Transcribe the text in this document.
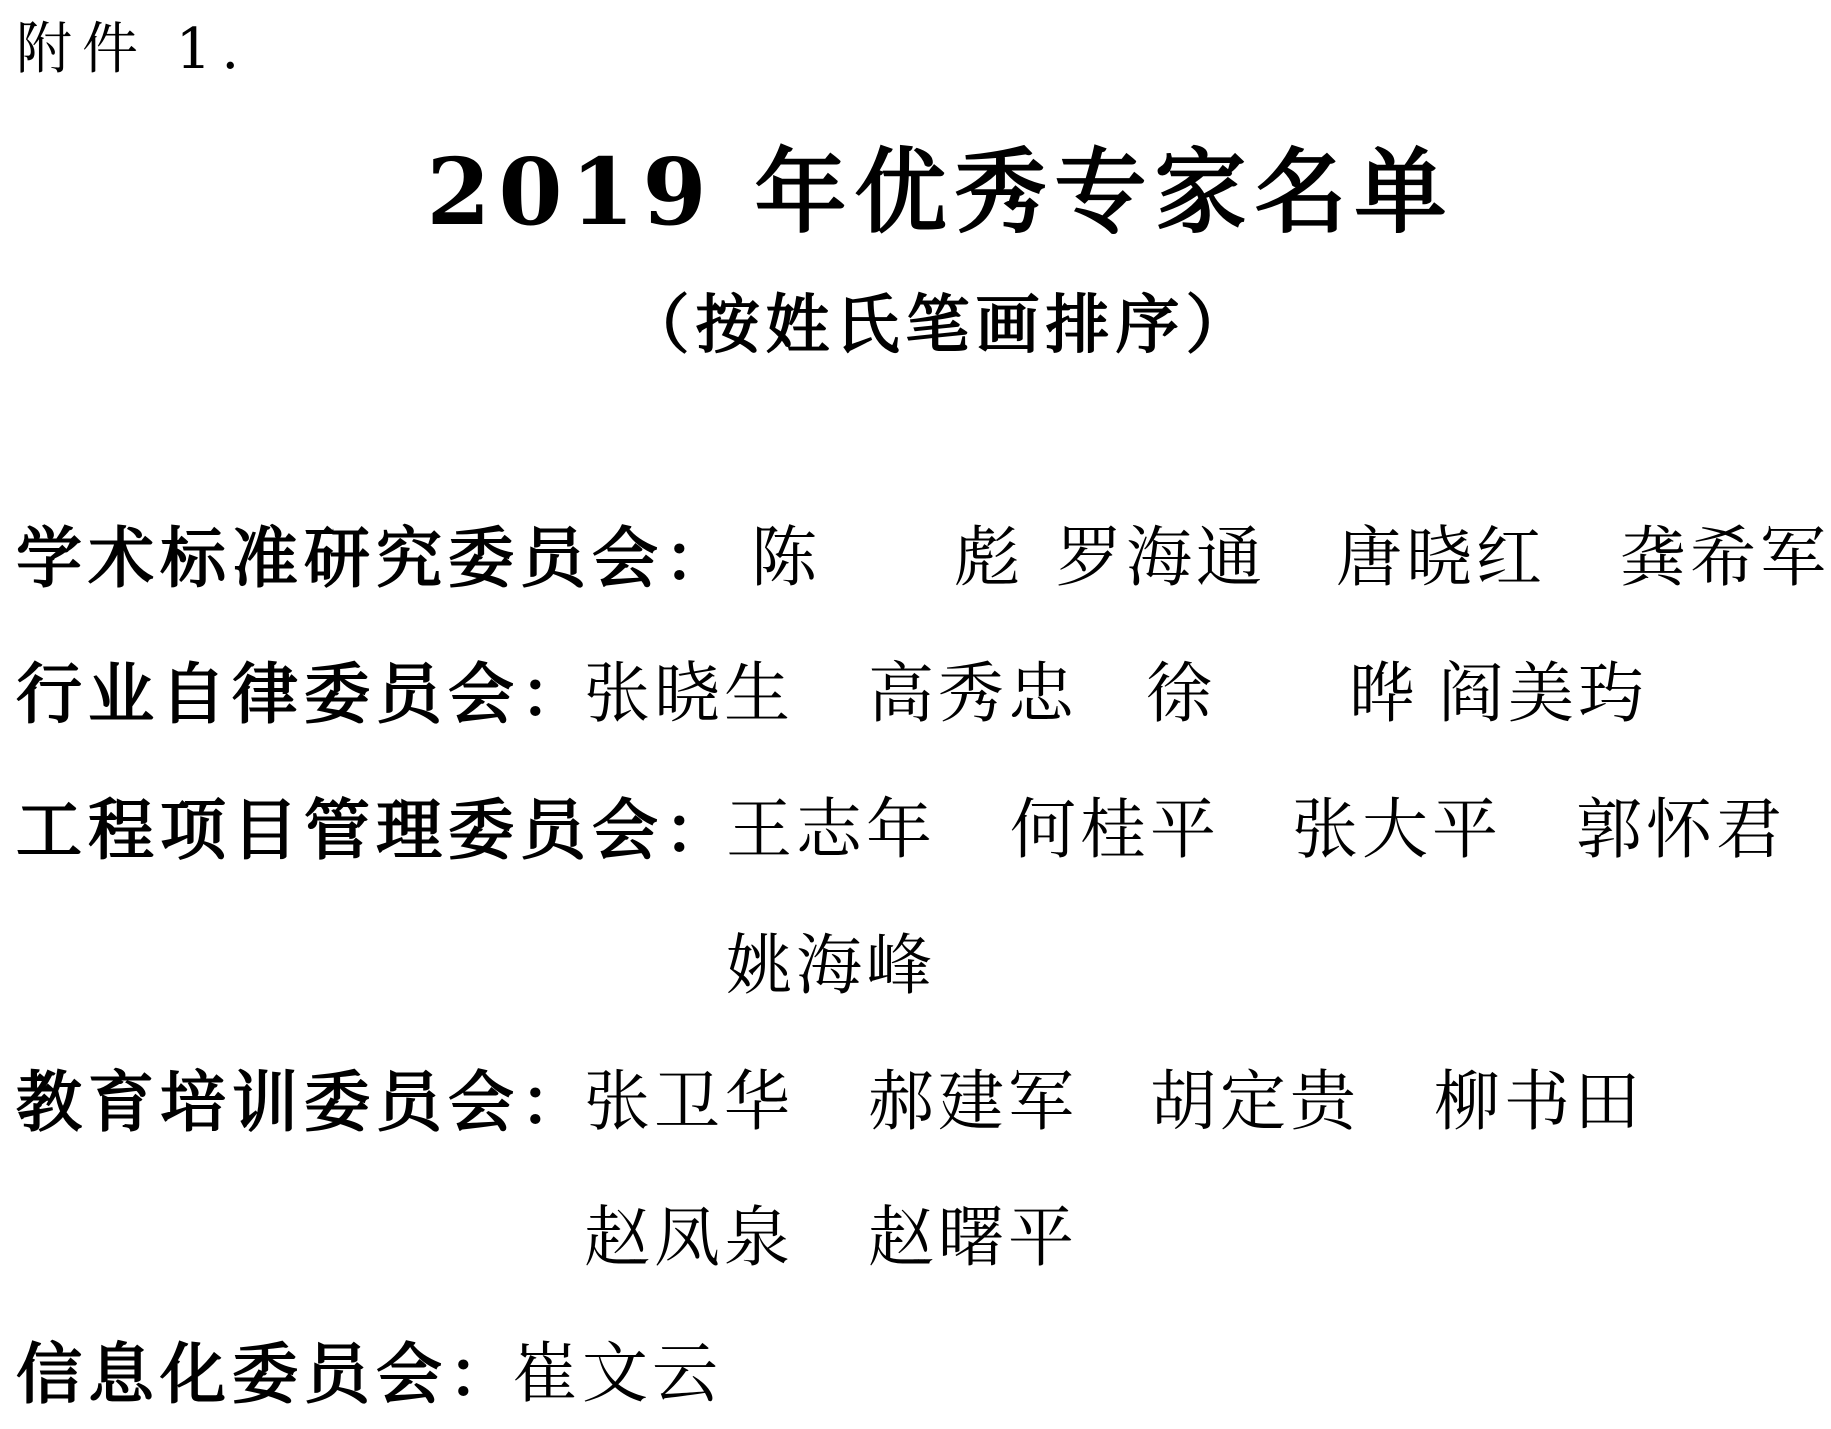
附件 1.
2019 年优秀专家名单
（按姓氏笔画排序）
学术标准研究委员会： 陈 彪
罗海通 唐晓红 龚希军
行业自律委员会：
张晓生 高秀忠 徐 晔
阎美玙
工程项目管理委员会：
王志年 何桂平 张大平 郭怀君
姚海峰
教育培训委员会：
张卫华 郝建军 胡定贵 柳书田
赵凤泉 赵曙平
信息化委员会：
崔文云
